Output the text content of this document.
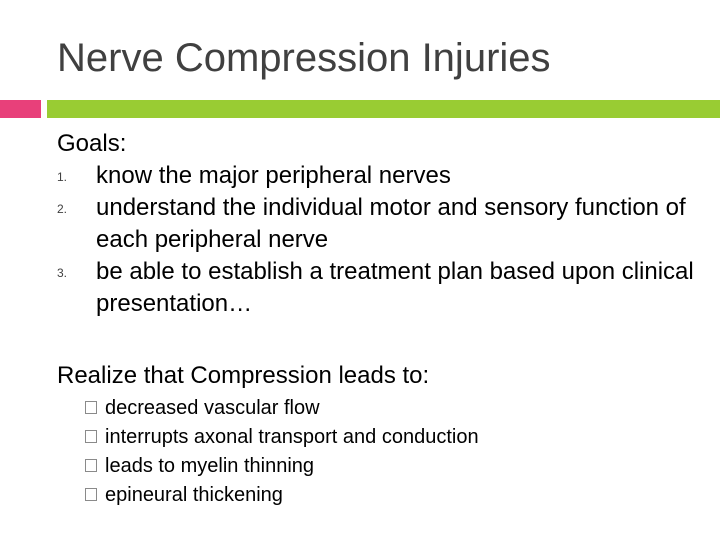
Nerve Compression Injuries

Goals:

1. know the major peripheral nerves
2. understand the individual motor and sensory function of each peripheral nerve
3. be able to establish a treatment plan based upon clinical presentation…

Realize that Compression leads to:

decreased vascular flow
interrupts axonal transport and conduction
leads to myelin thinning
epineural thickening
